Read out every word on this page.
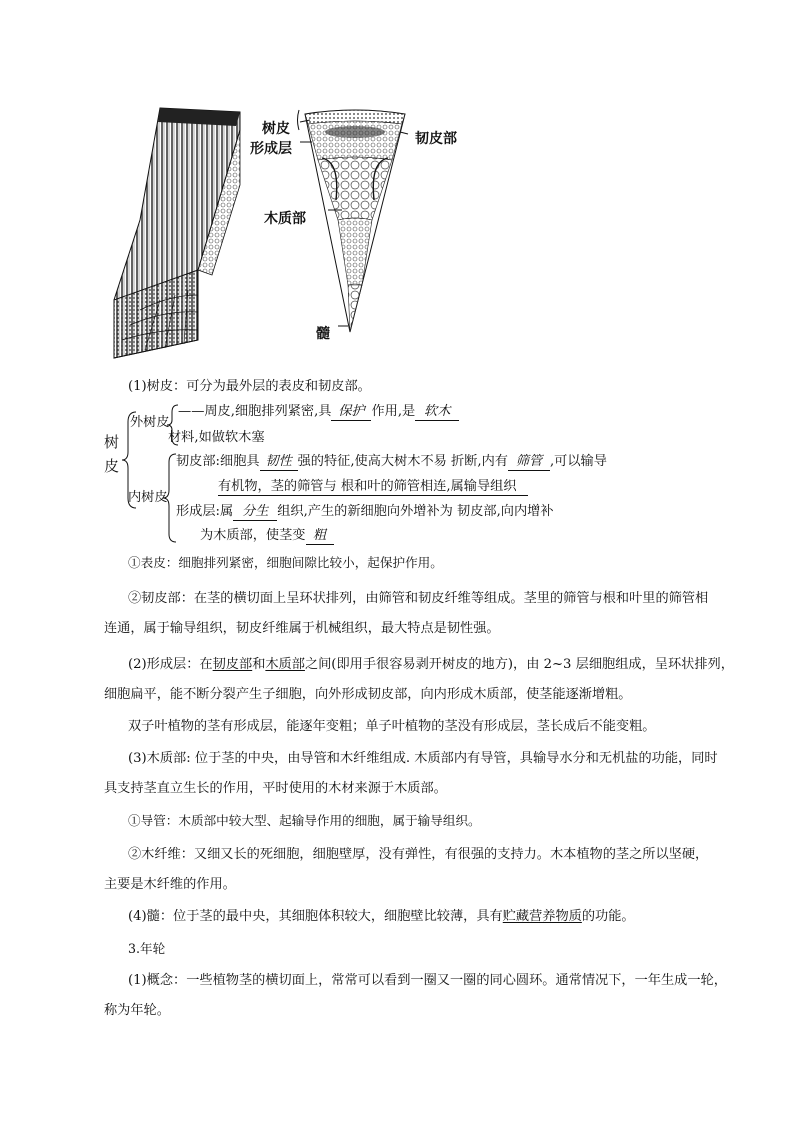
树皮
形成层
韧皮部
木质部
髓
(1)树皮：可分为最外层的表皮和韧皮部。
树皮
外树皮
——周皮,细胞排列紧密,具 保护 作用,是 软木
材料,如做软木塞
内树皮
韧皮部:细胞具 韧性 强的特征,使高大树木不易 折断,内有 筛管 ,可以输导
有机物，茎的筛管与 根和叶的筛管相连,属输导组织
形成层:属 分生 组织,产生的新细胞向外增补为 韧皮部,向内增补
为木质部，使茎变 粗
①表皮：细胞排列紧密，细胞间隙比较小，起保护作用。
②韧皮部：在茎的横切面上呈环状排列，由筛管和韧皮纤维等组成。茎里的筛管与根和叶里的筛管相
连通，属于输导组织，韧皮纤维属于机械组织，最大特点是韧性强。
(2)形成层：在韧皮部和木质部之间(即用手很容易剥开树皮的地方)，由 2~3 层细胞组成，呈环状排列，
细胞扁平，能不断分裂产生子细胞，向外形成韧皮部，向内形成木质部，使茎能逐渐增粗。
双子叶植物的茎有形成层，能逐年变粗；单子叶植物的茎没有形成层，茎长成后不能变粗。
(3)木质部: 位于茎的中央，由导管和木纤维组成. 木质部内有导管，具输导水分和无机盐的功能，同时
具支持茎直立生长的作用，平时使用的木材来源于木质部。
①导管：木质部中较大型、起输导作用的细胞，属于输导组织。
②木纤维：又细又长的死细胞，细胞壁厚，没有弹性，有很强的支持力。木本植物的茎之所以坚硬，
主要是木纤维的作用。
(4)髓：位于茎的最中央，其细胞体积较大，细胞壁比较薄，具有贮藏营养物质的功能。
3.年轮
(1)概念：一些植物茎的横切面上，常常可以看到一圈又一圈的同心圆环。通常情况下，一年生成一轮，
称为年轮。
